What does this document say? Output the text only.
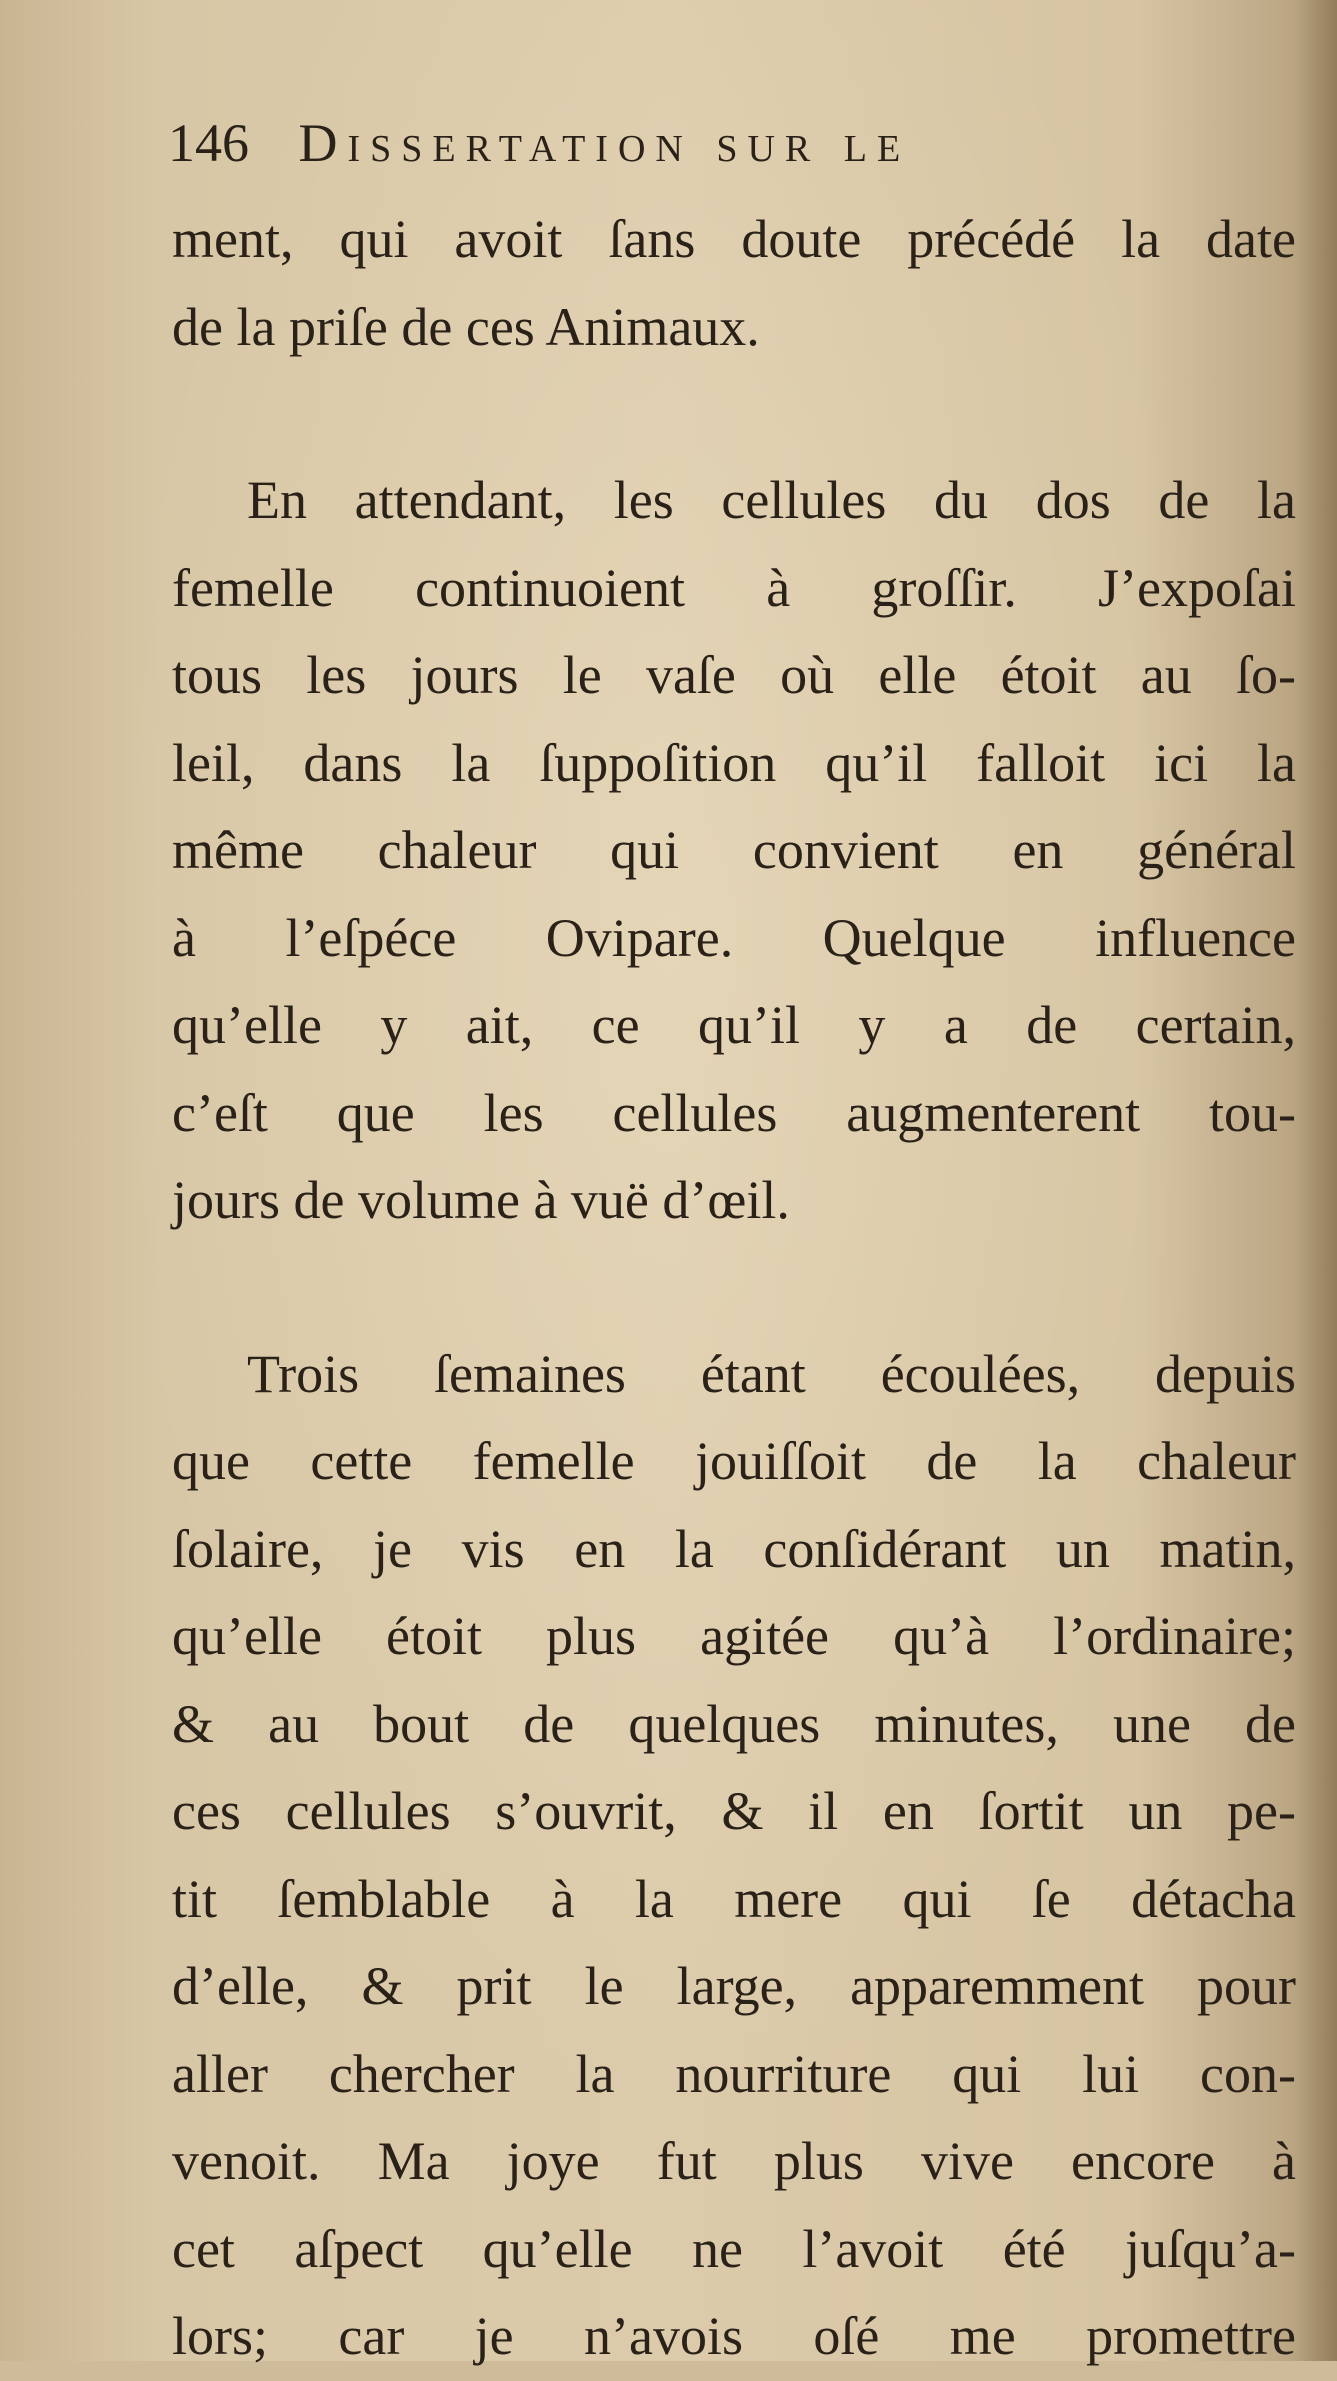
146 Dissertation sur le
ment, qui avoit ſans doute précédé la date
de la priſe de ces Animaux.
En attendant, les cellules du dos de la
femelle continuoient à groſſir. J’expoſai
tous les jours le vaſe où elle étoit au ſo-
leil, dans la ſuppoſition qu’il falloit ici la
même chaleur qui convient en général
à l’eſpéce Ovipare. Quelque influence
qu’elle y ait, ce qu’il y a de certain,
c’eſt que les cellules augmenterent tou-
jours de volume à vuë d’œil.
Trois ſemaines étant écoulées, depuis
que cette femelle jouiſſoit de la chaleur
ſolaire, je vis en la conſidérant un matin,
qu’elle étoit plus agitée qu’à l’ordinaire;
& au bout de quelques minutes, une de
ces cellules s’ouvrit, & il en ſortit un pe-
tit ſemblable à la mere qui ſe détacha
d’elle, & prit le large, apparemment pour
aller chercher la nourriture qui lui con-
venoit. Ma joye fut plus vive encore à
cet aſpect qu’elle ne l’avoit été juſqu’a-
lors; car je n’avois oſé me promettre
